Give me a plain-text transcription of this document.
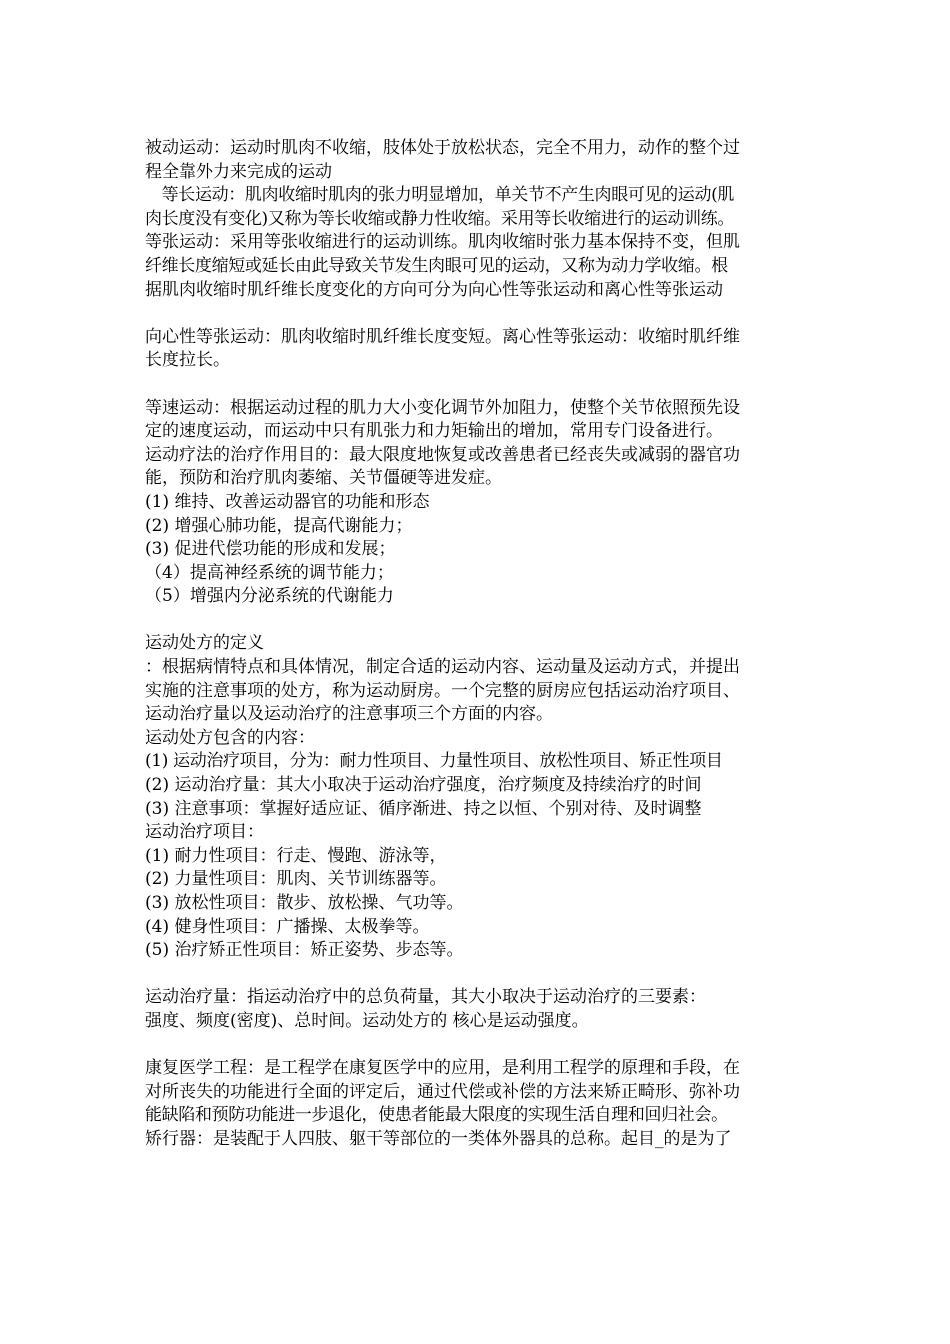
被动运动：运动时肌肉不收缩，肢体处于放松状态，完全不用力，动作的整个过
程全靠外力来完成的运动
　等长运动：肌肉收缩时肌肉的张力明显增加，单关节不产生肉眼可见的运动(肌
肉长度没有变化)又称为等长收缩或静力性收缩。采用等长收缩进行的运动训练。
等张运动：采用等张收缩进行的运动训练。肌肉收缩时张力基本保持不变，但肌
纤维长度缩短或延长由此导致关节发生肉眼可见的运动，又称为动力学收缩。根
据肌肉收缩时肌纤维长度变化的方向可分为向心性等张运动和离心性等张运动
向心性等张运动：肌肉收缩时肌纤维长度变短。离心性等张运动：收缩时肌纤维
长度拉长。
等速运动：根据运动过程的肌力大小变化调节外加阻力，使整个关节依照预先设
定的速度运动，而运动中只有肌张力和力矩输出的增加，常用专门设备进行。
运动疗法的治疗作用目的：最大限度地恢复或改善患者已经丧失或减弱的器官功
能，预防和治疗肌肉萎缩、关节僵硬等进发症。
(1) 维持、改善运动器官的功能和形态
(2) 增强心肺功能，提高代谢能力；
(3) 促进代偿功能的形成和发展；
（4）提高神经系统的调节能力；
（5）增强内分泌系统的代谢能力
运动处方的定义
：根据病情特点和具体情况，制定合适的运动内容、运动量及运动方式，并提出
实施的注意事项的处方，称为运动厨房。一个完整的厨房应包括运动治疗项目、
运动治疗量以及运动治疗的注意事项三个方面的内容。
运动处方包含的内容：
(1) 运动治疗项目，分为：耐力性项目、力量性项目、放松性项目、矫正性项目
(2) 运动治疗量：其大小取决于运动治疗强度，治疗频度及持续治疗的时间
(3) 注意事项：掌握好适应证、循序渐进、持之以恒、个别对待、及时调整
运动治疗项目：
(1) 耐力性项目：行走、慢跑、游泳等，
(2) 力量性项目：肌肉、关节训练器等。
(3) 放松性项目：散步、放松操、气功等。
(4) 健身性项目：广播操、太极拳等。
(5) 治疗矫正性项目：矫正姿势、步态等。
运动治疗量：指运动治疗中的总负荷量，其大小取决于运动治疗的三要素：
强度、频度(密度)、总时间。运动处方的 核心是运动强度。
康复医学工程：是工程学在康复医学中的应用，是利用工程学的原理和手段，在
对所丧失的功能进行全面的评定后，通过代偿或补偿的方法来矫正畸形、弥补功
能缺陷和预防功能进一步退化，使患者能最大限度的实现生活自理和回归社会。
矫行器：是装配于人四肢、躯干等部位的一类体外器具的总称。起目_的是为了
